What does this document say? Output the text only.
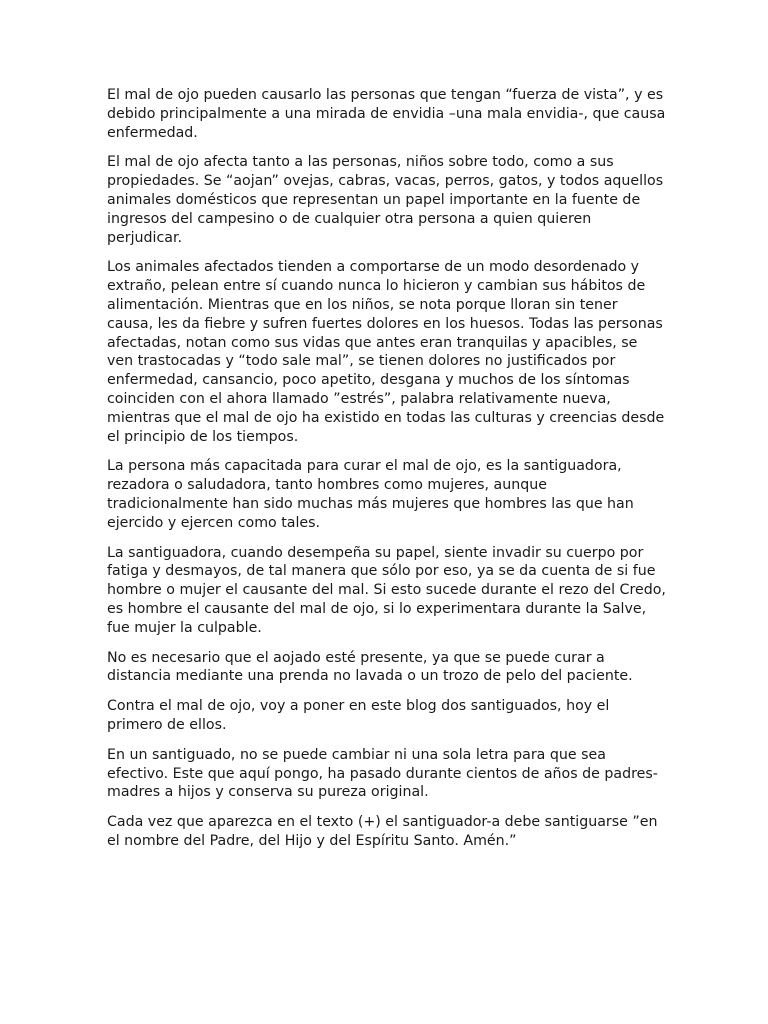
El mal de ojo pueden causarlo las personas que tengan “fuerza de vista”, y es debido principalmente a una mirada de envidia –una mala envidia-, que causa enfermedad.

El mal de ojo afecta tanto a las personas, niños sobre todo, como a sus propiedades. Se “aojan” ovejas, cabras, vacas, perros, gatos, y todos aquellos animales domésticos que representan un papel importante en la fuente de ingresos del campesino o de cualquier otra persona a quien quieren perjudicar.

Los animales afectados tienden a comportarse de un modo desordenado y extraño, pelean entre sí cuando nunca lo hicieron y cambian sus hábitos de alimentación. Mientras que en los niños, se nota porque lloran sin tener causa, les da fiebre y sufren fuertes dolores en los huesos. Todas las personas afectadas, notan como sus vidas que antes eran tranquilas y apacibles, se ven trastocadas y “todo sale mal”, se tienen dolores no justificados por enfermedad, cansancio, poco apetito, desgana y muchos de los síntomas coinciden con el ahora llamado ”estrés”, palabra relativamente nueva, mientras que el mal de ojo ha existido en todas las culturas y creencias desde el principio de los tiempos.

La persona más capacitada para curar el mal de ojo, es la santiguadora, rezadora o saludadora, tanto hombres como mujeres, aunque tradicionalmente han sido muchas más mujeres que hombres las que han ejercido y ejercen como tales.

La santiguadora, cuando desempeña su papel, siente invadir su cuerpo por fatiga y desmayos, de tal manera que sólo por eso, ya se da cuenta de si fue hombre o mujer el causante del mal. Si esto sucede durante el rezo del Credo, es hombre el causante del mal de ojo, si lo experimentara durante la Salve, fue mujer la culpable.

No es necesario que el aojado esté presente, ya que se puede curar a distancia mediante una prenda no lavada o un trozo de pelo del paciente.

Contra el mal de ojo, voy a poner en este blog dos santiguados, hoy el primero de ellos.

En un santiguado, no se puede cambiar ni una sola letra para que sea efectivo. Este que aquí pongo, ha pasado durante cientos de años de padres-madres a hijos y conserva su pureza original.

Cada vez que aparezca en el texto (+) el santiguador-a debe santiguarse ”en el nombre del Padre, del Hijo y del Espíritu Santo. Amén.”
